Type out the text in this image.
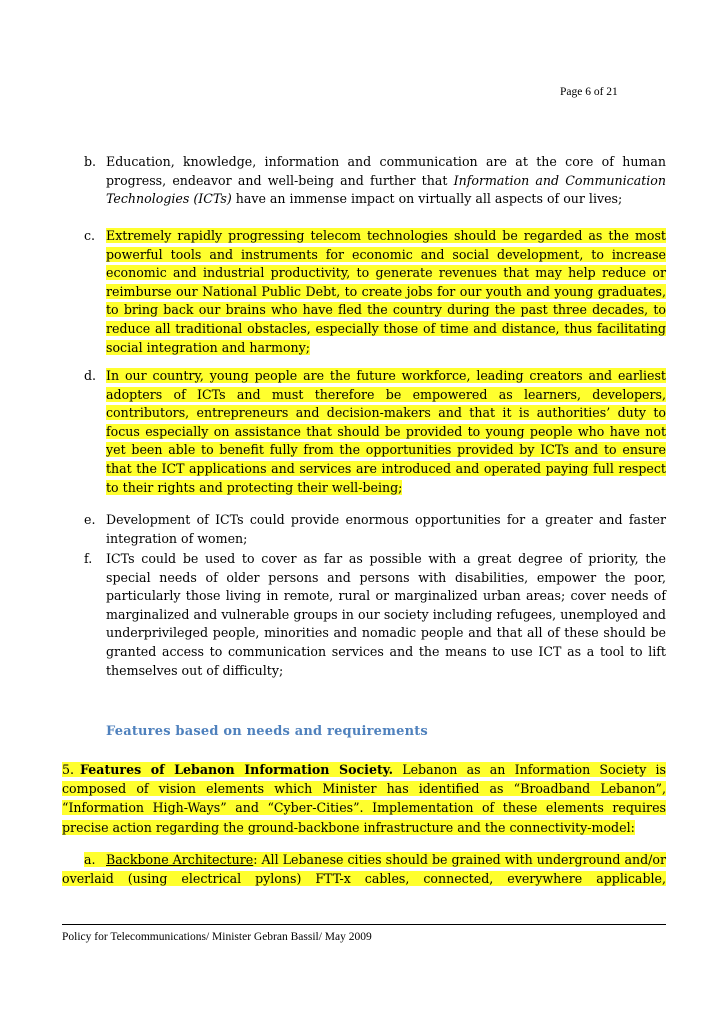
Page 6 of 21
b. Education, knowledge, information and communication are at the core of human progress, endeavor and well-being and further that Information and Communication Technologies (ICTs) have an immense impact on virtually all aspects of our lives;
c. Extremely rapidly progressing telecom technologies should be regarded as the most powerful tools and instruments for economic and social development, to increase economic and industrial productivity, to generate revenues that may help reduce or reimburse our National Public Debt, to create jobs for our youth and young graduates, to bring back our brains who have fled the country during the past three decades, to reduce all traditional obstacles, especially those of time and distance, thus facilitating social integration and harmony;
d. In our country, young people are the future workforce, leading creators and earliest adopters of ICTs and must therefore be empowered as learners, developers, contributors, entrepreneurs and decision-makers and that it is authorities’ duty to focus especially on assistance that should be provided to young people who have not yet been able to benefit fully from the opportunities provided by ICTs and to ensure that the ICT applications and services are introduced and operated paying full respect to their rights and protecting their well-being;
e. Development of ICTs could provide enormous opportunities for a greater and faster integration of women;
f.	ICTs could be used to cover as far as possible with a great degree of priority, the special needs of older persons and persons with disabilities, empower the poor, particularly those living in remote, rural or marginalized urban areas; cover needs of marginalized and vulnerable groups in our society including refugees, unemployed and underprivileged people, minorities and nomadic people and that all of these should be granted access to communication services and the means to use ICT as a tool to lift themselves out of difficulty;
Features based on needs and requirements
5. Features of Lebanon Information Society. Lebanon as an Information Society is composed of vision elements which Minister has identified as “Broadband Lebanon”, “Information High-Ways” and “Cyber-Cities”. Implementation of these elements requires precise action regarding the ground-backbone infrastructure and the connectivity-model:
a. Backbone Architecture: All Lebanese cities should be grained with underground and/or overlaid (using electrical pylons) FTT-x cables, connected, everywhere applicable,
Policy for Telecommunications/ Minister Gebran Bassil/ May 2009
